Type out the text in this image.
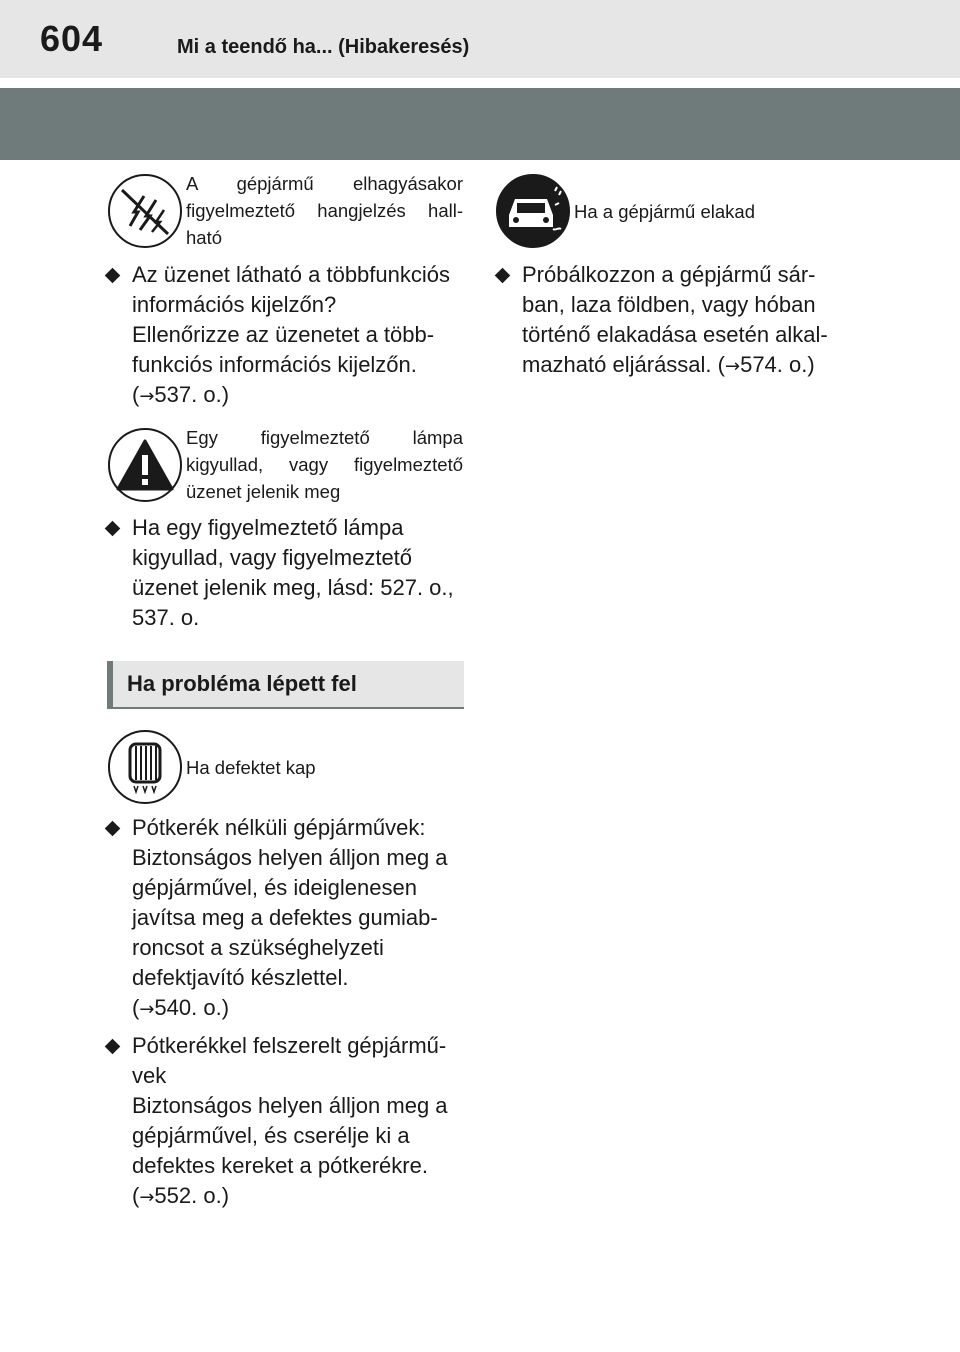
604	Mi a teendő ha... (Hibakeresés)
A gépjármű elhagyásakor
figyelmeztető hangjelzés hall-
ható
Az üzenet látható a többfunkciós
információs kijelzőn?
Ellenőrizze az üzenetet a több-
funkciós információs kijelzőn.
(→537. o.)
Egy figyelmeztető lámpa
kigyullad, vagy figyelmeztető
üzenet jelenik meg
Ha egy figyelmeztető lámpa
kigyullad, vagy figyelmeztető
üzenet jelenik meg, lásd: 527. o.,
537. o.
Ha probléma lépett fel
Ha defektet kap
Pótkerék nélküli gépjárművek:
Biztonságos helyen álljon meg a
gépjárművel, és ideiglenesen
javítsa meg a defektes gumiab-
roncsot a szükséghelyzeti
defektjavító készlettel.
(→540. o.)
Pótkerékkel felszerelt gépjármű-
vek
Biztonságos helyen álljon meg a
gépjárművel, és cserélje ki a
defektes kereket a pótkerékre.
(→552. o.)
Ha a gépjármű elakad
Próbálkozzon a gépjármű sár-
ban, laza földben, vagy hóban
történő elakadása esetén alkal-
mazható eljárással. (→574. o.)
